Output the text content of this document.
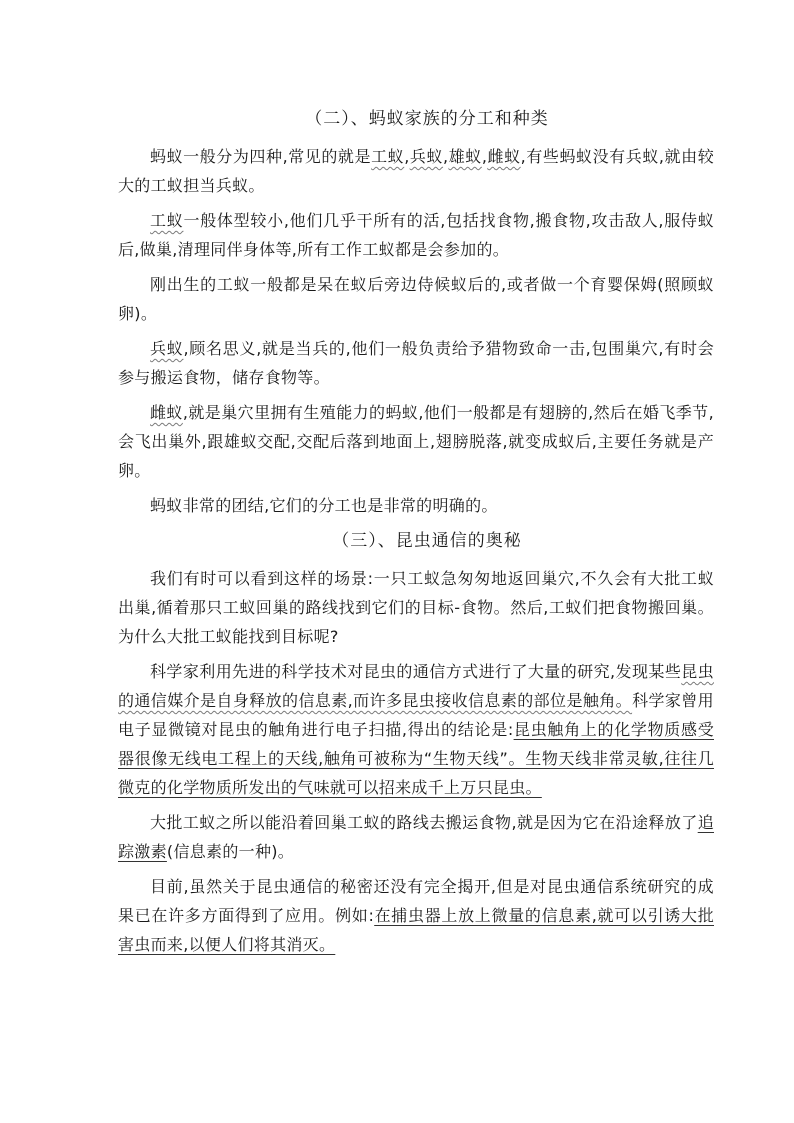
（二）、蚂蚁家族的分工和种类

蚂蚁一般分为四种,常见的就是工蚁,兵蚁,雄蚁,雌蚁,有些蚂蚁没有兵蚁,就由较大的工蚁担当兵蚁。

工蚁一般体型较小,他们几乎干所有的活,包括找食物,搬食物,攻击敌人,服侍蚁后,做巢,清理同伴身体等,所有工作工蚁都是会参加的。

刚出生的工蚁一般都是呆在蚁后旁边侍候蚁后的,或者做一个育婴保姆(照顾蚁卵)。

兵蚁,顾名思义,就是当兵的,他们一般负责给予猎物致命一击,包围巢穴,有时会参与搬运食物，储存食物等。

雌蚁,就是巢穴里拥有生殖能力的蚂蚁,他们一般都是有翅膀的,然后在婚飞季节,会飞出巢外,跟雄蚁交配,交配后落到地面上,翅膀脱落,就变成蚁后,主要任务就是产卵。

蚂蚁非常的团结,它们的分工也是非常的明确的。

（三）、昆虫通信的奥秘

我们有时可以看到这样的场景:一只工蚁急匆匆地返回巢穴,不久会有大批工蚁出巢,循着那只工蚁回巢的路线找到它们的目标-食物。然后,工蚁们把食物搬回巢。为什么大批工蚁能找到目标呢?

科学家利用先进的科学技术对昆虫的通信方式进行了大量的研究,发现某些昆虫的通信媒介是自身释放的信息素,而许多昆虫接收信息素的部位是触角。科学家曾用电子显微镜对昆虫的触角进行电子扫描,得出的结论是:昆虫触角上的化学物质感受器很像无线电工程上的天线,触角可被称为“生物天线”。生物天线非常灵敏,往往几微克的化学物质所发出的气味就可以招来成千上万只昆虫。

大批工蚁之所以能沿着回巢工蚁的路线去搬运食物,就是因为它在沿途释放了追踪激素(信息素的一种)。

目前,虽然关于昆虫通信的秘密还没有完全揭开,但是对昆虫通信系统研究的成果已在许多方面得到了应用。例如:在捕虫器上放上微量的信息素,就可以引诱大批害虫而来,以便人们将其消灭。
